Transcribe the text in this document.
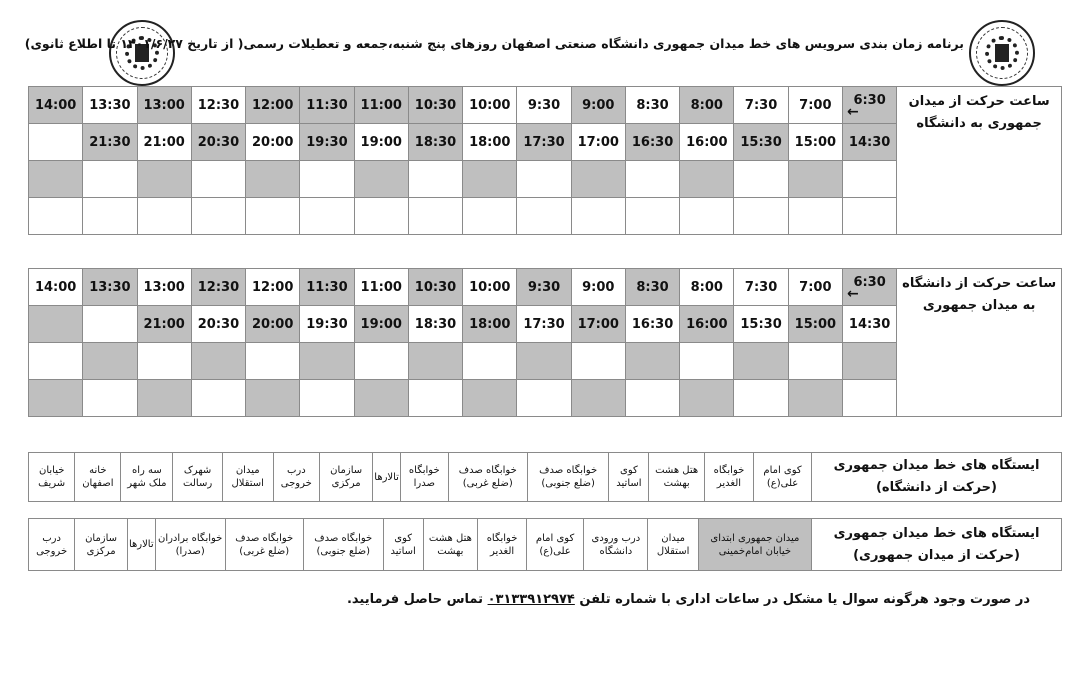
برنامه زمان بندی سرویس های خط میدان جمهوری دانشگاه صنعتی اصفهان روزهای پنج شنبه،جمعه و تعطیلات رسمی( از تاریخ ۱۴۰۱/۶/۲۷ تا اطلاع ثانوی)
14:00	13:30	13:00	12:30	12:00	11:30	11:00	10:30	10:00	9:30	9:00	8:30	8:00	7:30	7:00	6:30
←	ساعت حرکت از میدان جمهوری به دانشگاه
	21:30	21:00	20:30	20:00	19:30	19:00	18:30	18:00	17:30	17:00	16:30	16:00	15:30	15:00	14:30	

14:00	13:30	13:00	12:30	12:00	11:30	11:00	10:30	10:00	9:30	9:00	8:30	8:00	7:30	7:00	6:30
←	ساعت حرکت از دانشگاه به میدان جمهوری
		21:00	20:30	20:00	19:30	19:00	18:30	18:00	17:30	17:00	16:30	16:00	15:30	15:00	14:30	

ایستگاه های خط میدان جمهوری (حرکت از دانشگاه)	کوی امام علی(ع)	خوابگاه الغدیر	هتل هشت بهشت	کوی اساتید	خوابگاه صدف (ضلع جنوبی)	خوابگاه صدف (ضلع غربی)	خوابگاه صدرا	تالارها	سازمان مرکزی	درب خروجی	میدان استقلال	شهرک رسالت	سه راه ملک شهر	خانه اصفهان	خیابان شریف
ایستگاه های خط میدان جمهوری (حرکت از میدان جمهوری)	میدان جمهوری ابتدای خیابان امام‌خمینی	میدان استقلال	درب ورودی دانشگاه	کوی امام علی(ع)	خوابگاه الغدیر	هتل هشت بهشت	کوی اساتید	خوابگاه صدف (ضلع جنوبی)	خوابگاه صدف (ضلع غربی)	خوابگاه برادران (صدرا)	تالارها	سازمان مرکزی	درب خروجی
در صورت وجود هرگونه سوال یا مشکل در ساعات اداری با شماره تلفن ۰۳۱۳۳۹۱۲۹۷۴ تماس حاصل فرمایید.
